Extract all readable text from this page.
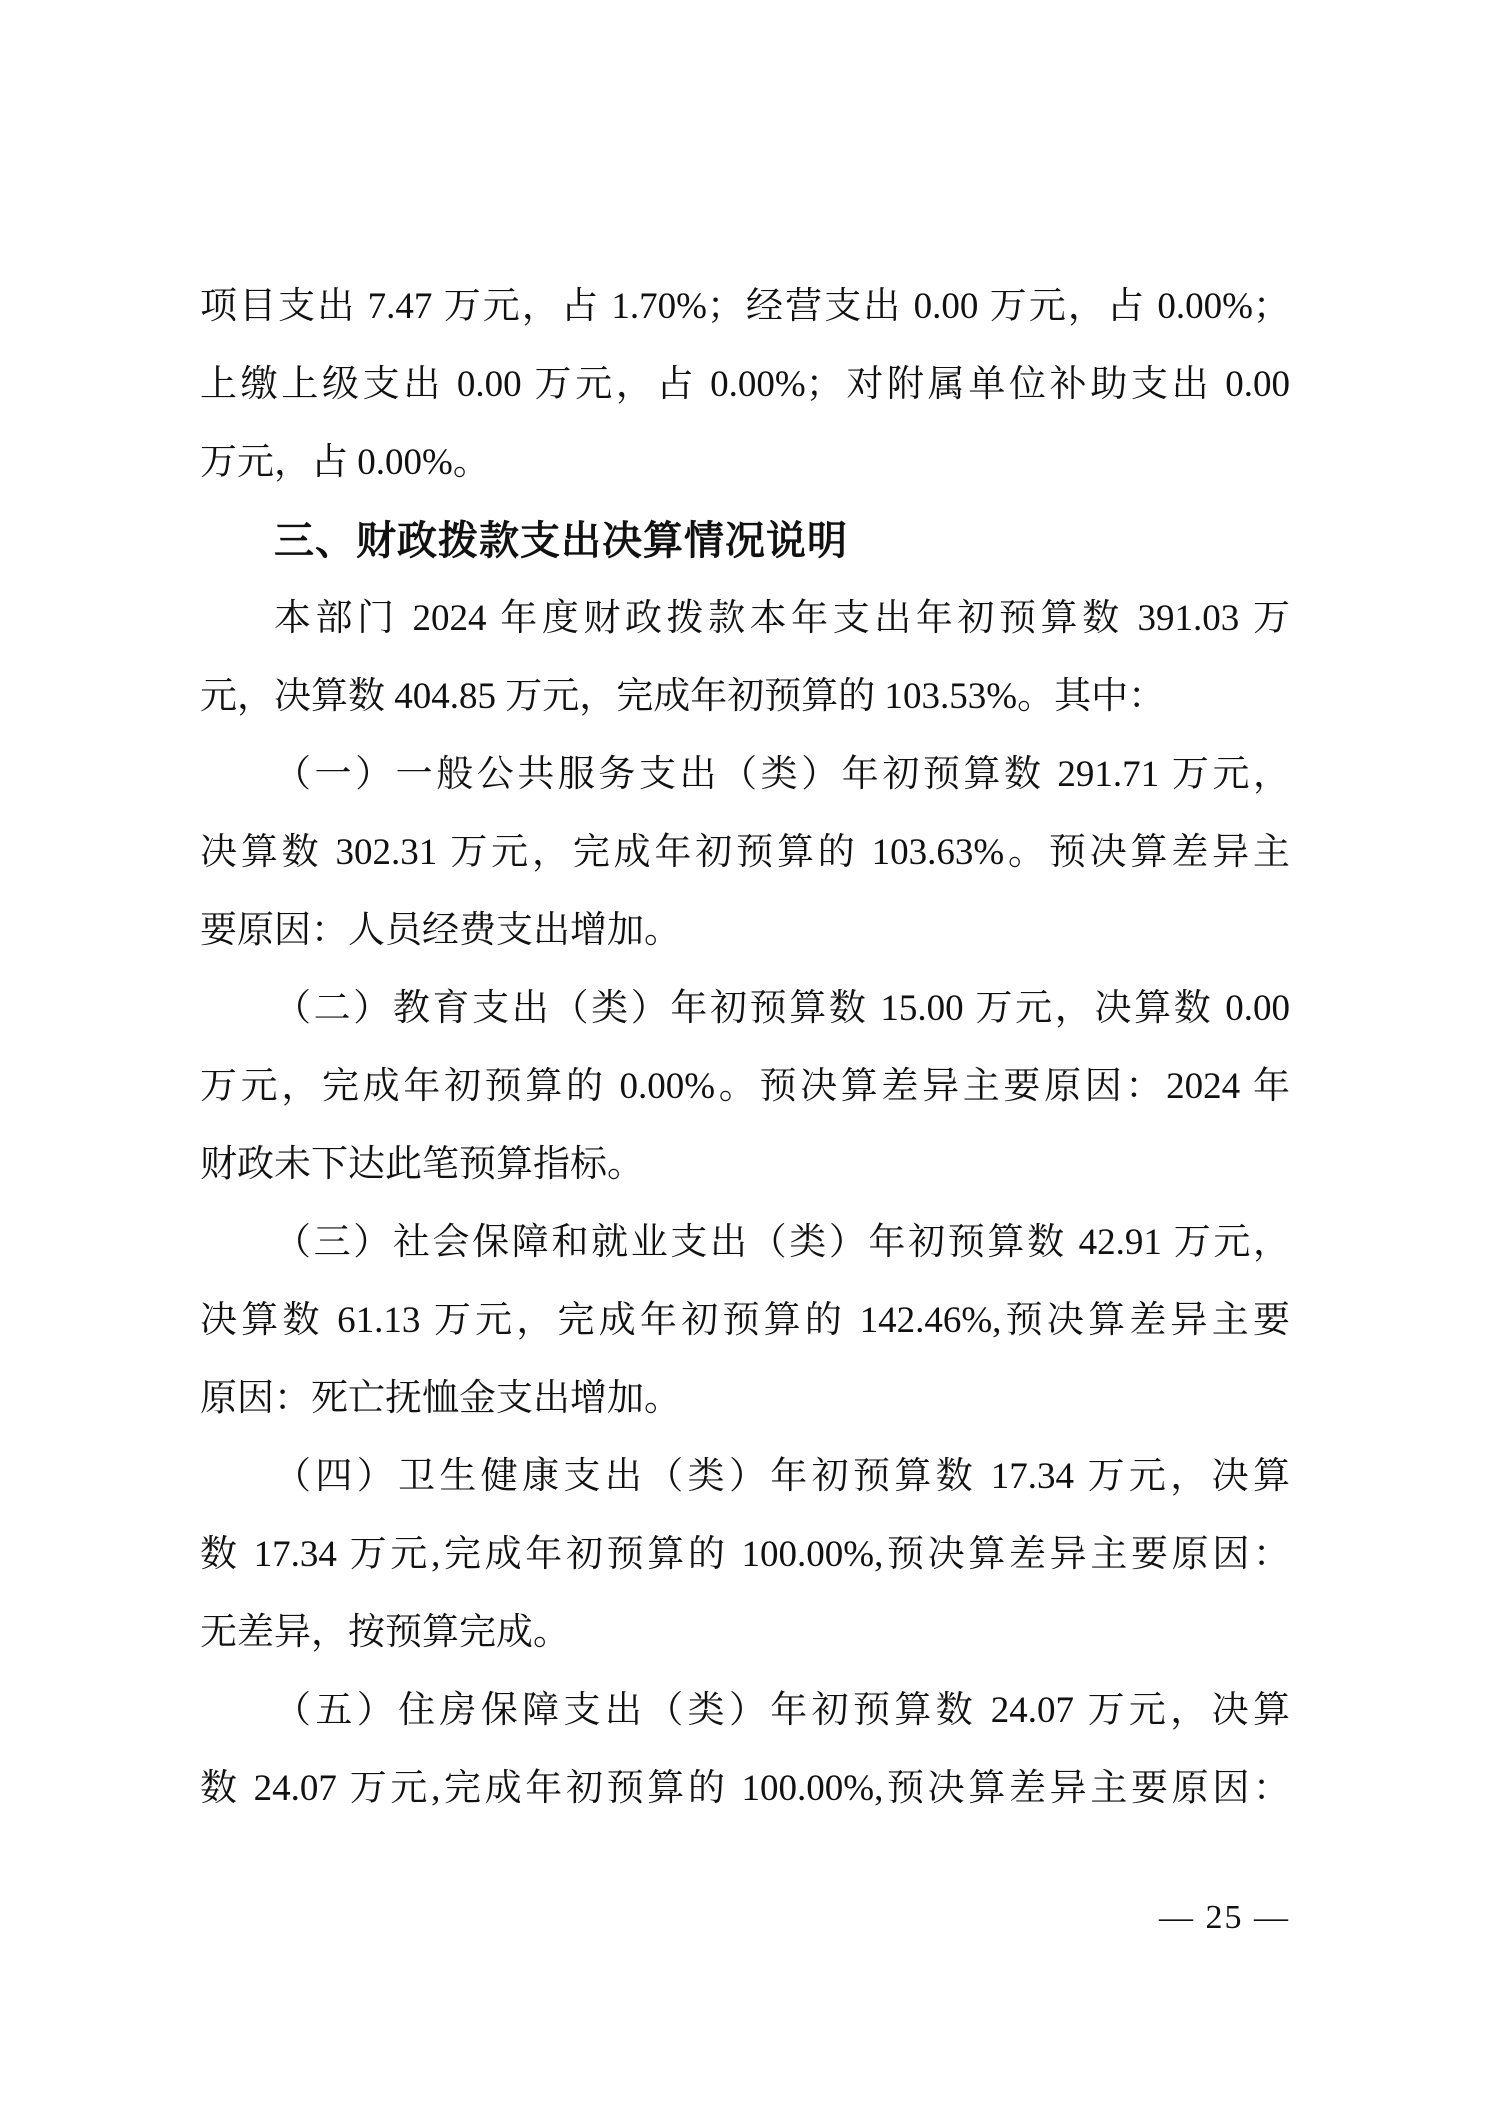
项目支出 7.47 万元，占 1.70%；经营支出 0.00 万元，占 0.00%；
上缴上级支出 0.00 万元，占 0.00%；对附属单位补助支出 0.00
万元，占 0.00%。
三、财政拨款支出决算情况说明
本部门 2024 年度财政拨款本年支出年初预算数 391.03 万
元，决算数 404.85 万元，完成年初预算的 103.53%。其中：
（一）一般公共服务支出（类）年初预算数 291.71 万元，
决算数 302.31 万元，完成年初预算的 103.63%。预决算差异主
要原因：人员经费支出增加。
（二）教育支出（类）年初预算数 15.00 万元，决算数 0.00
万元，完成年初预算的 0.00%。预决算差异主要原因：2024 年
财政未下达此笔预算指标。
（三）社会保障和就业支出（类）年初预算数 42.91 万元，
决算数 61.13 万元，完成年初预算的 142.46%,预决算差异主要
原因：死亡抚恤金支出增加。
（四）卫生健康支出（类）年初预算数 17.34 万元，决算
数 17.34 万元,完成年初预算的 100.00%,预决算差异主要原因：
无差异，按预算完成。
（五）住房保障支出（类）年初预算数 24.07 万元，决算
数 24.07 万元,完成年初预算的 100.00%,预决算差异主要原因：
— 25 —
